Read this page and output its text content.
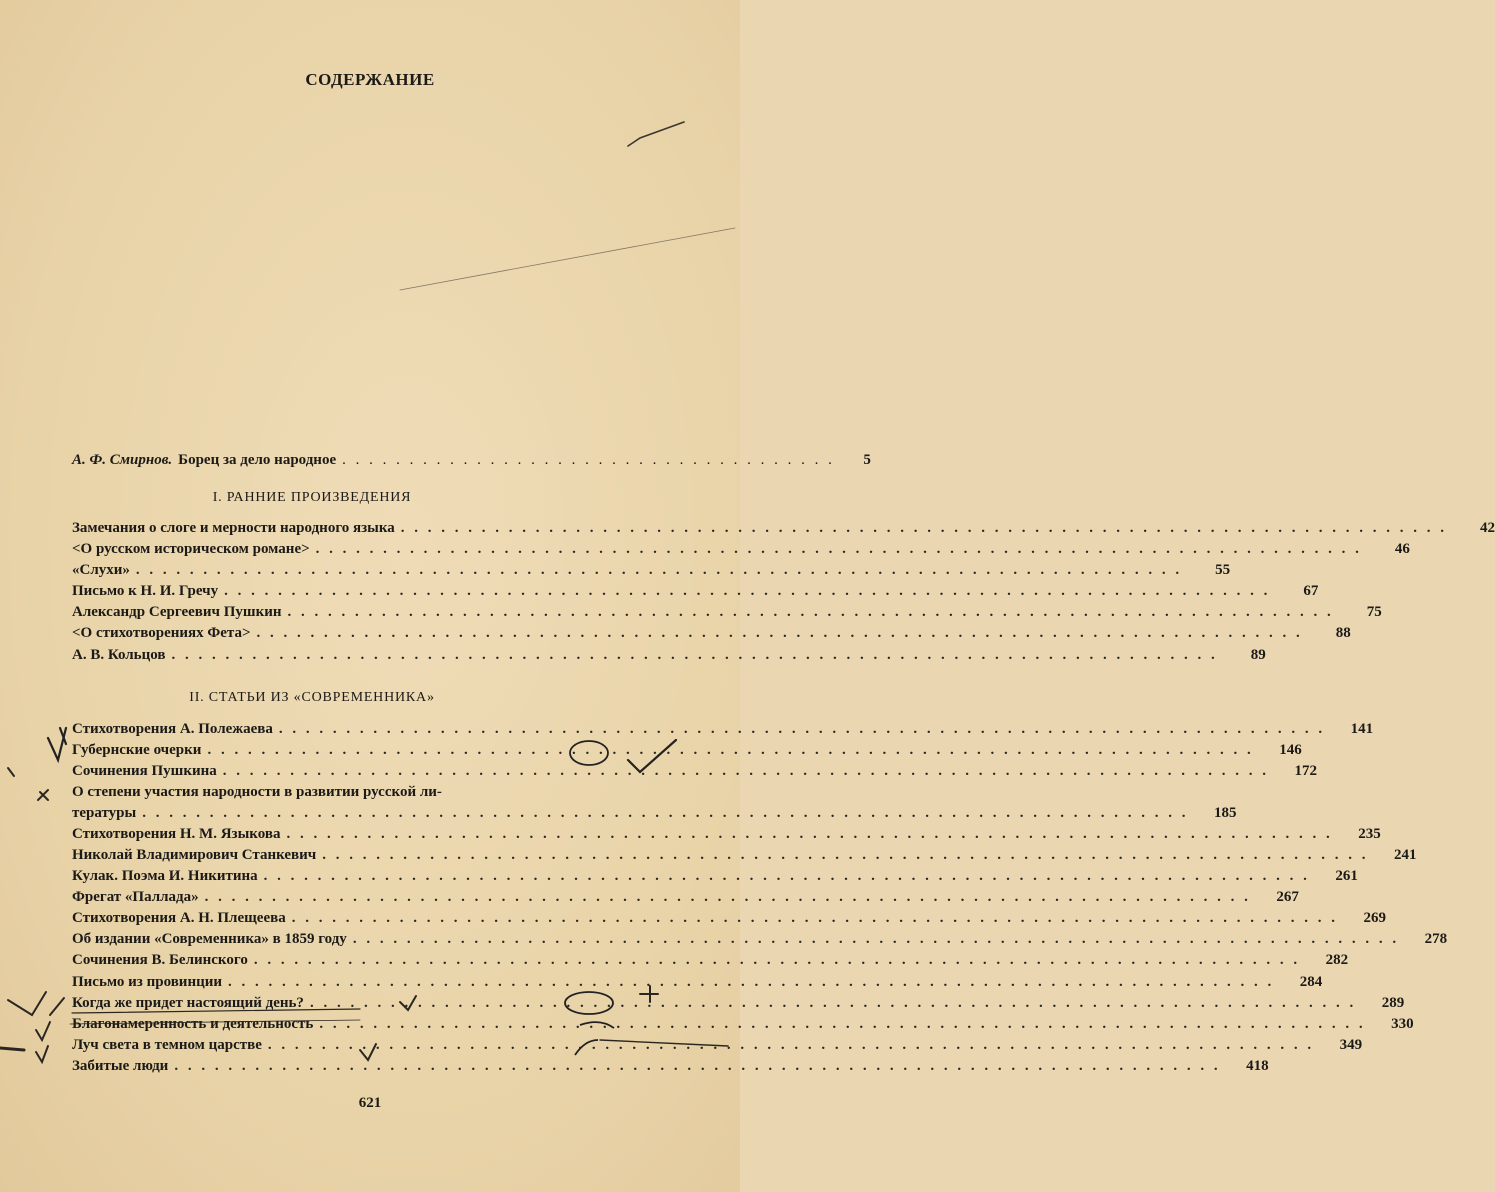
СОДЕРЖАНИЕ
А. Ф. Смирнов. Борец за дело народное . . . . . . . . . . . . . . . . . . . . . . . . . . . . . . . . . . . . .	5
I. РАННИЕ ПРОИЗВЕДЕНИЯ
Замечания о слоге и мерности народного языка . . .	42
<О русском историческом романе> . . .	46
«Слухи» . . .	55
Письмо к Н. И. Гречу . . .	67
Александр Сергеевич Пушкин . . .	75
<О стихотворениях Фета> . . .	88
А. В. Кольцов . . .	89
II. СТАТЬИ ИЗ «СОВРЕМЕННИКА»
Стихотворения А. Полежаева . . .	141
Губернские очерки . . .	146
Сочинения Пушкина . . .	172
О степени участия народности в развитии русской ли-
тературы . . .	185
Стихотворения Н. М. Языкова . . .	235
Николай Владимирович Станкевич . . .	241
Кулак. Поэма И. Никитина . . .	261
Фрегат «Паллада» . . .	267
Стихотворения А. Н. Плещеева . . .	269
Об издании «Современника» в 1859 году . . .	278
Сочинения В. Белинского . . .	282
Письмо из провинции . . .	284
Когда же придет настоящий день? . . .	289
Благонамеренность и деятельность . . .	330
Луч света в темном царстве . . .	349
Забитые люди . . .	418
621
